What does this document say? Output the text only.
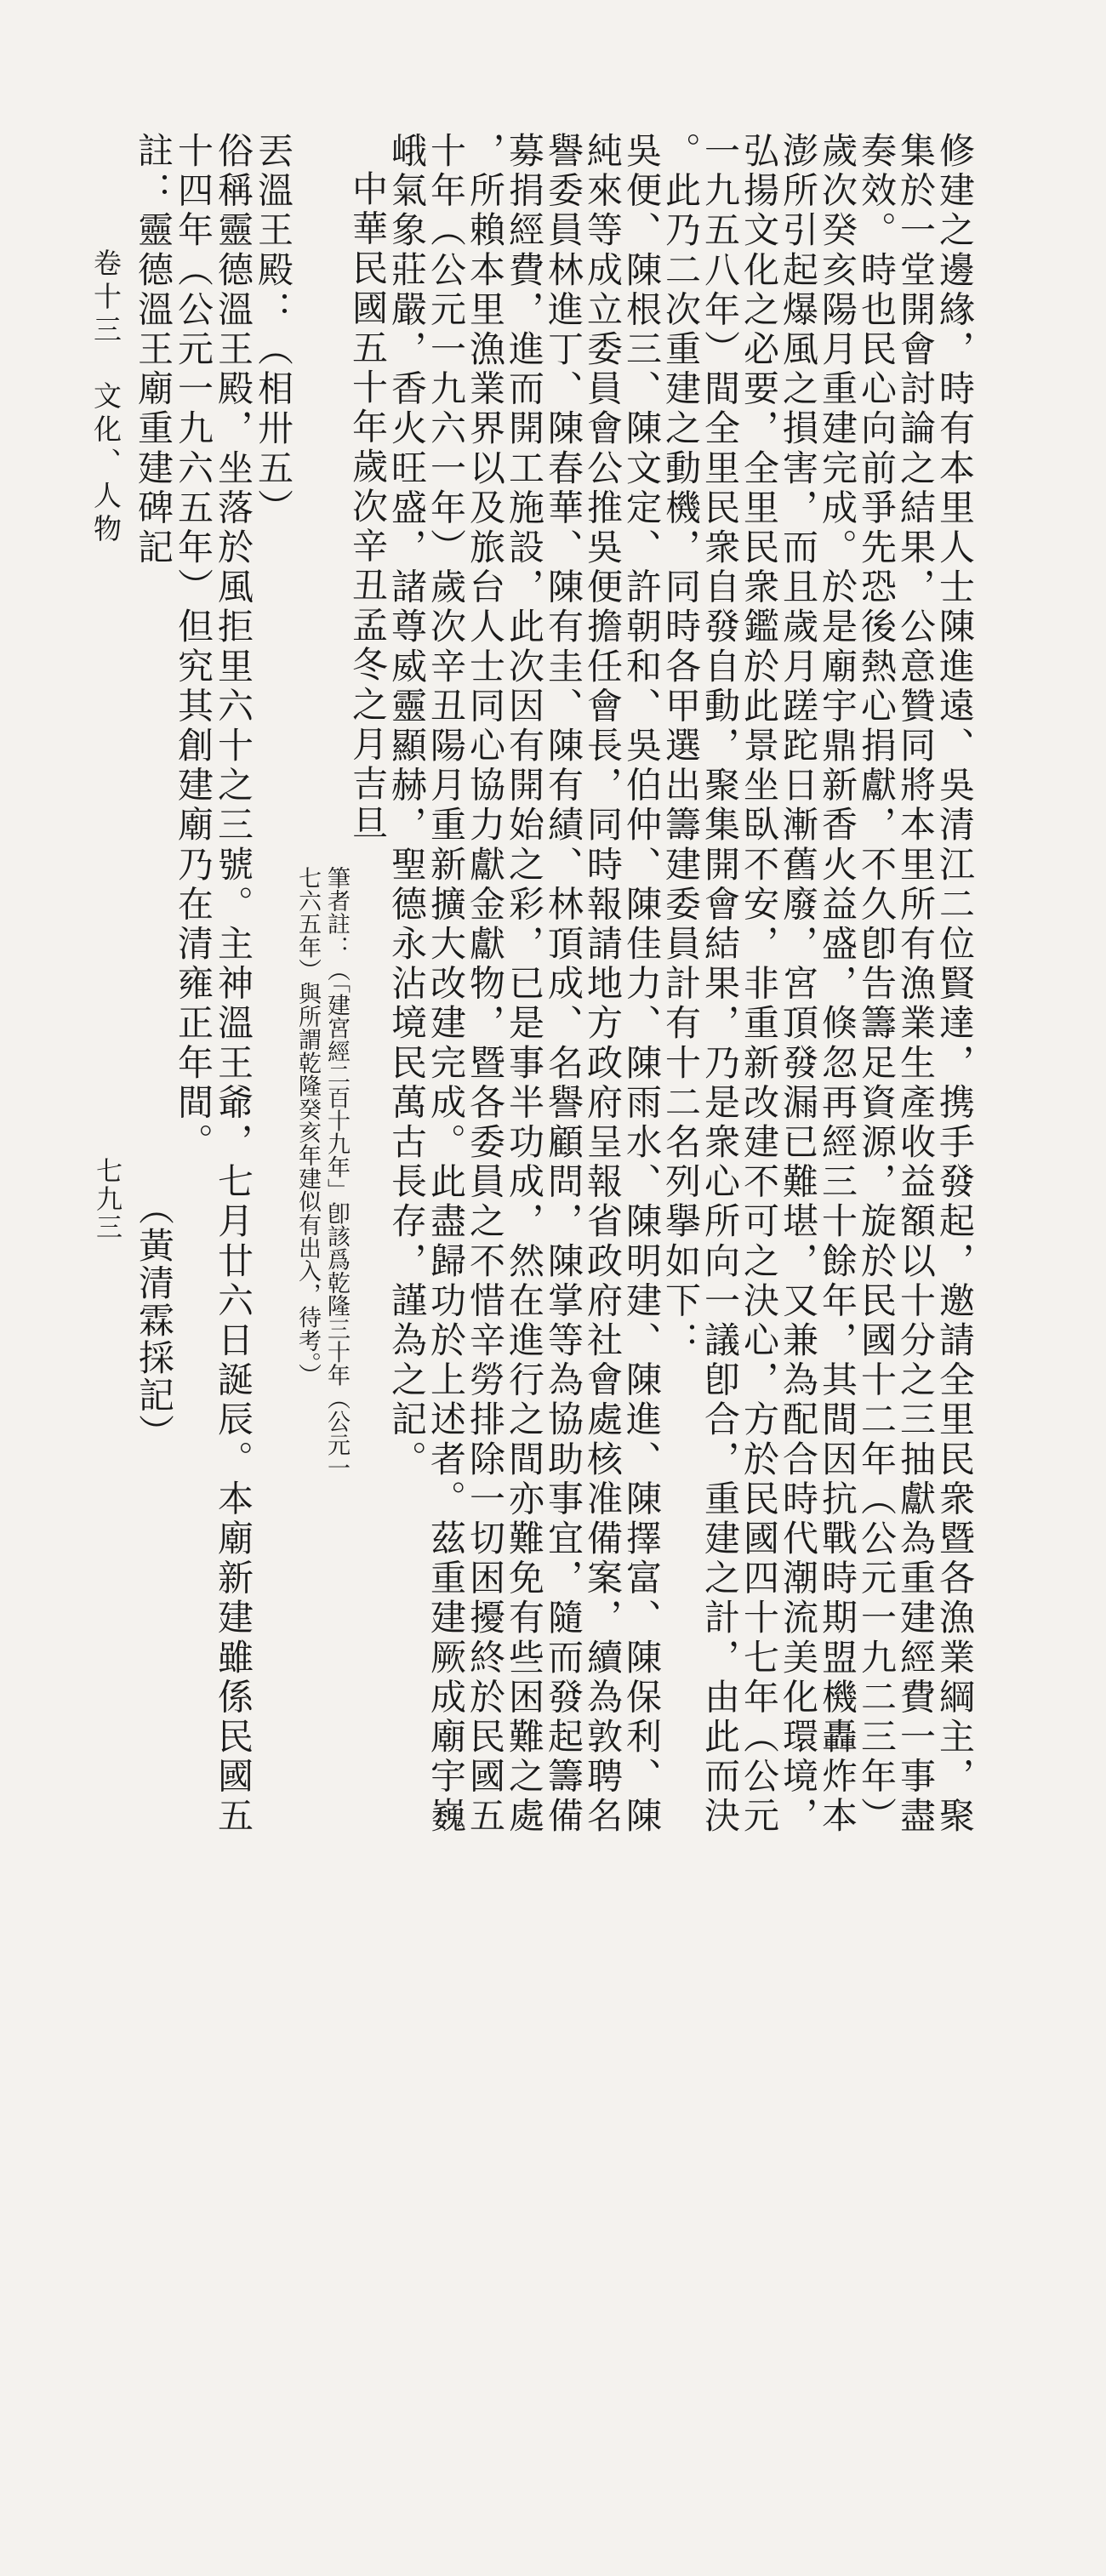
修建之邊緣，時有本里人士陳進遠、吳清江二位賢達，携手發起，邀請全里民衆暨各漁業綱主，聚
集於一堂開會討論之結果，公意贊同將本里所有漁業生產收益額以十分之三抽獻為重建經費一事盡
奏效。時也民心向前爭先恐後熱心捐獻，不久卽告籌足資源，旋於民國十二年（公元一九二三年）
歲次癸亥陽月重建完成。於是廟宇鼎新香火益盛，倏忽再經三十餘年，其間因抗戰時期盟機轟炸本
澎所引起爆風之損害，而且歲月蹉跎日漸舊廢，宮頂發漏已難堪，又兼為配合時代潮流美化環境，
弘揚文化之必要，全里民衆鑑於此景坐臥不安，非重新改建不可之決心，方於民國四十七年（公元
一九五八年）間全里民衆自發自動，聚集開會結果，乃是衆心所向一議卽合，重建之計，由此而決
。此乃二次重建之動機，同時各甲選出籌建委員計有十二名列擧如下：
吳便、陳根三、陳文定、許朝和、吳伯仲、陳佳力、陳雨水、陳明建、陳進、陳擇富、陳保利、陳
純來等成立委員會公推吳便擔任會長，同時報請地方政府呈報省政府社會處核准備案，續為敦聘名
譽委員林進丁、陳春華、陳有圭、陳有績、林頂成、名譽顧問，陳掌等為協助事宜，隨而發起籌備
募捐經費，進而開工施設，此次因有開始之彩，已是事半功成，然在進行之間亦難免有些困難之處
，所賴本里漁業界以及旅台人士同心協力獻金獻物，暨各委員之不惜辛勞排除一切困擾終於民國五
十年（公元一九六一年）歲次辛丑陽月重新擴大改建完成。此盡歸功於上述者。茲重建厥成廟宇巍
峨氣象莊嚴，香火旺盛，諸尊威靈顯赫，聖德永沾境民萬古長存，謹為之記。
中華民國五十年歲次辛丑孟冬之月吉旦
筆者註：（「建宮經二百十九年」卽該爲乾隆三十年（公元一
七六五年）與所謂乾隆癸亥年建似有出入，待考。）
丟溫王殿：（相卅五）
俗稱靈德溫王殿，坐落於風拒里六十之三號。主神溫王爺，七月廿六日誕辰。本廟新建雖係民國五
十四年（公元一九六五年）但究其創建廟乃在清雍正年間。
註：靈德溫王廟重建碑記
（黃清霖採記）
卷十三　文化、人物
七九三
